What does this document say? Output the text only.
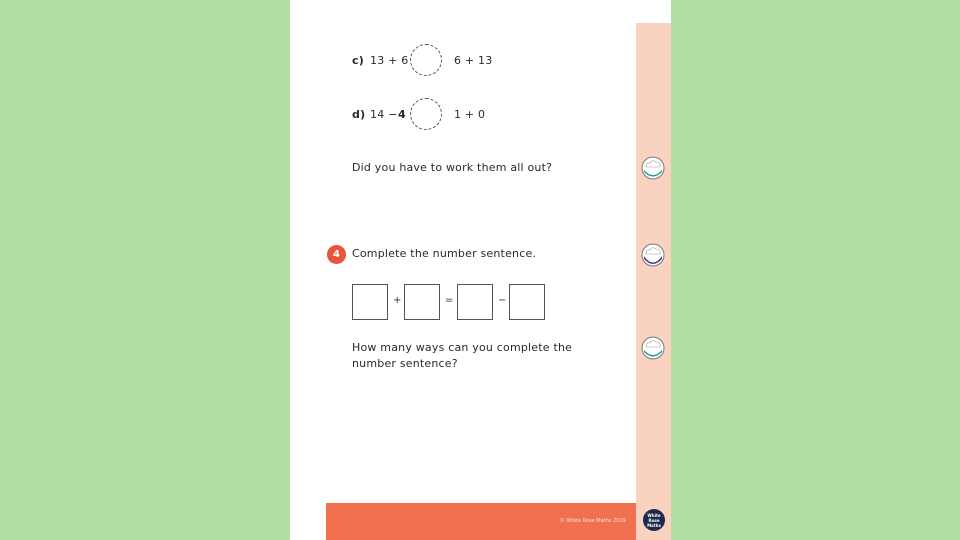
c) 13 + 6	6 + 13
d) 14 − 4	1 + 0
Did you have to work them all out?
4	Complete the number sentence.
+	=	−
How many ways can you complete the
number sentence?
© White Rose Maths 2019
White Rose Maths
